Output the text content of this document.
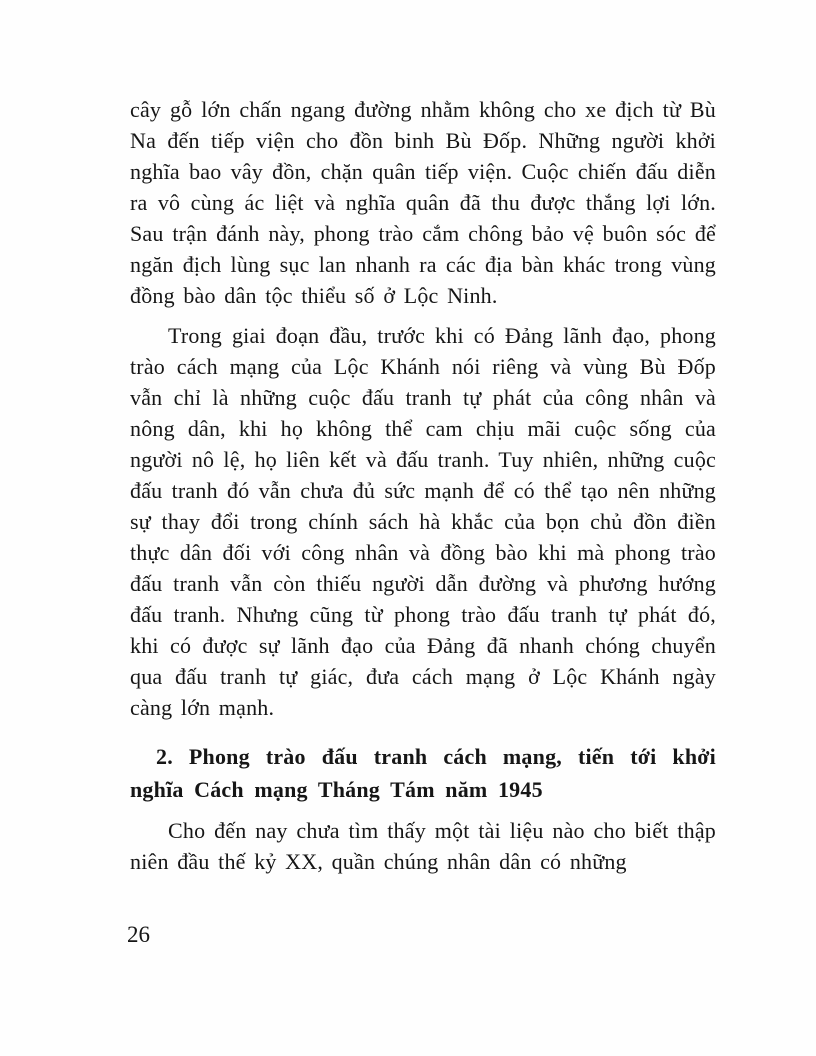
cây gỗ lớn chấn ngang đường nhằm không cho xe địch từ Bù Na đến tiếp viện cho đồn binh Bù Đốp. Những người khởi nghĩa bao vây đồn, chặn quân tiếp viện. Cuộc chiến đấu diễn ra vô cùng ác liệt và nghĩa quân đã thu được thắng lợi lớn. Sau trận đánh này, phong trào cắm chông bảo vệ buôn sóc để ngăn địch lùng sục lan nhanh ra các địa bàn khác trong vùng đồng bào dân tộc thiểu số ở Lộc Ninh.

Trong giai đoạn đầu, trước khi có Đảng lãnh đạo, phong trào cách mạng của Lộc Khánh nói riêng và vùng Bù Đốp vẫn chỉ là những cuộc đấu tranh tự phát của công nhân và nông dân, khi họ không thể cam chịu mãi cuộc sống của người nô lệ, họ liên kết và đấu tranh. Tuy nhiên, những cuộc đấu tranh đó vẫn chưa đủ sức mạnh để có thể tạo nên những sự thay đổi trong chính sách hà khắc của bọn chủ đồn điền thực dân đối với công nhân và đồng bào khi mà phong trào đấu tranh vẫn còn thiếu người dẫn đường và phương hướng đấu tranh. Nhưng cũng từ phong trào đấu tranh tự phát đó, khi có được sự lãnh đạo của Đảng đã nhanh chóng chuyển qua đấu tranh tự giác, đưa cách mạng ở Lộc Khánh ngày càng lớn mạnh.

2. Phong trào đấu tranh cách mạng, tiến tới khởi nghĩa Cách mạng Tháng Tám năm 1945

Cho đến nay chưa tìm thấy một tài liệu nào cho biết thập niên đầu thế kỷ XX, quần chúng nhân dân có những

26
